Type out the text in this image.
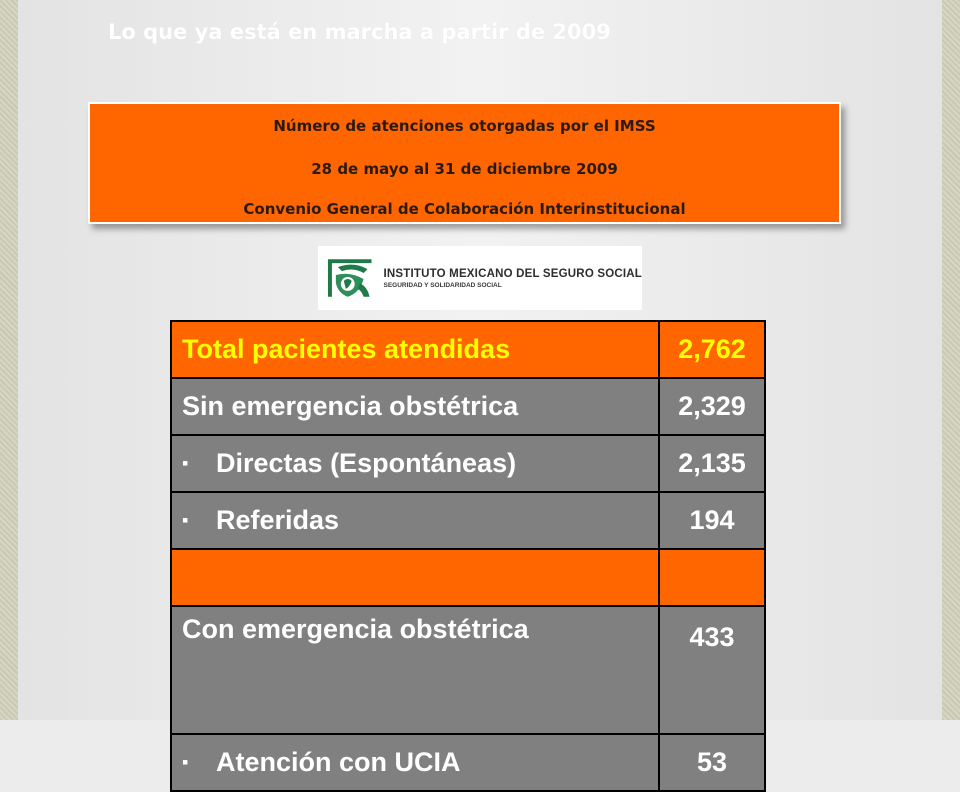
Lo que ya está en marcha a partir de 2009
Número de atenciones otorgadas por el IMSS
28 de mayo al 31 de diciembre 2009
Convenio General de Colaboración Interinstitucional
INSTITUTO MEXICANO DEL SEGURO SOCIAL
SEGURIDAD Y SOLIDARIDAD SOCIAL
Total pacientes atendidas	2,762
Sin emergencia obstétrica	2,329
▪ Directas (Espontáneas)	2,135
▪ Referidas	194

Con emergencia obstétrica	433
▪ Atención con UCIA	53
